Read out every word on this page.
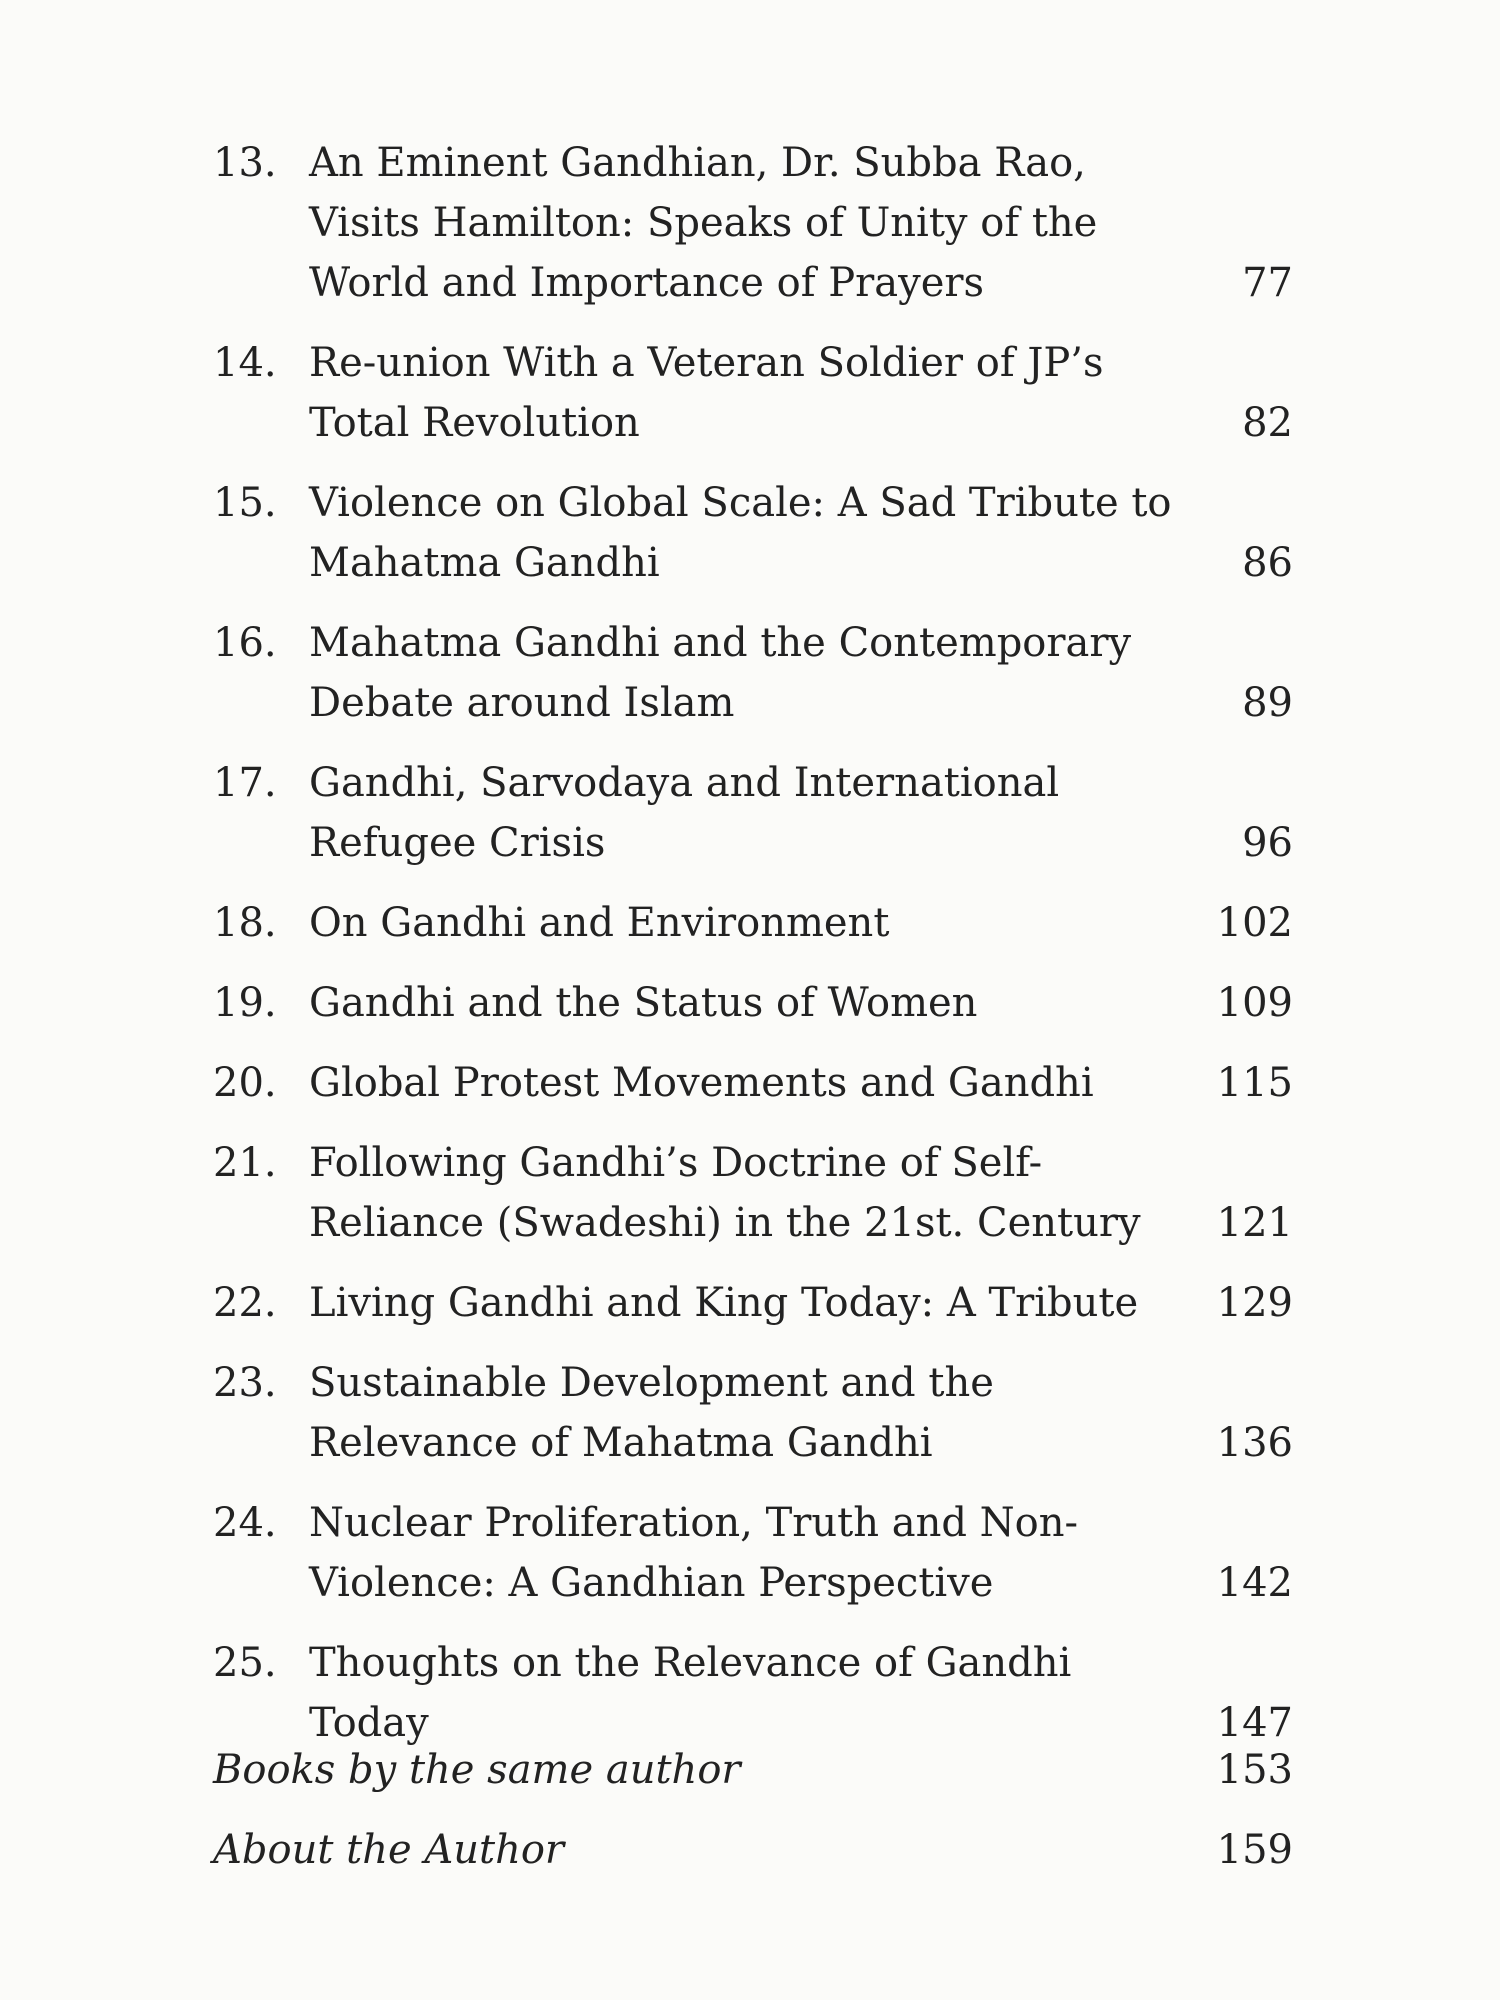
13. An Eminent Gandhian, Dr. Subba Rao, Visits Hamilton: Speaks of Unity of the World and Importance of Prayers	77
14. Re-union With a Veteran Soldier of JP’s Total Revolution	82
15. Violence on Global Scale: A Sad Tribute to Mahatma Gandhi	86
16. Mahatma Gandhi and the Contemporary Debate around Islam	89
17. Gandhi, Sarvodaya and International Refugee Crisis	96
18. On Gandhi and Environment	102
19. Gandhi and the Status of Women	109
20. Global Protest Movements and Gandhi	115
21. Following Gandhi’s Doctrine of Self-Reliance (Swadeshi) in the 21st. Century	121
22. Living Gandhi and King Today: A Tribute	129
23. Sustainable Development and the Relevance of Mahatma Gandhi	136
24. Nuclear Proliferation, Truth and Non-Violence: A Gandhian Perspective	142
25. Thoughts on the Relevance of Gandhi Today	147
Books by the same author	153
About the Author	159
